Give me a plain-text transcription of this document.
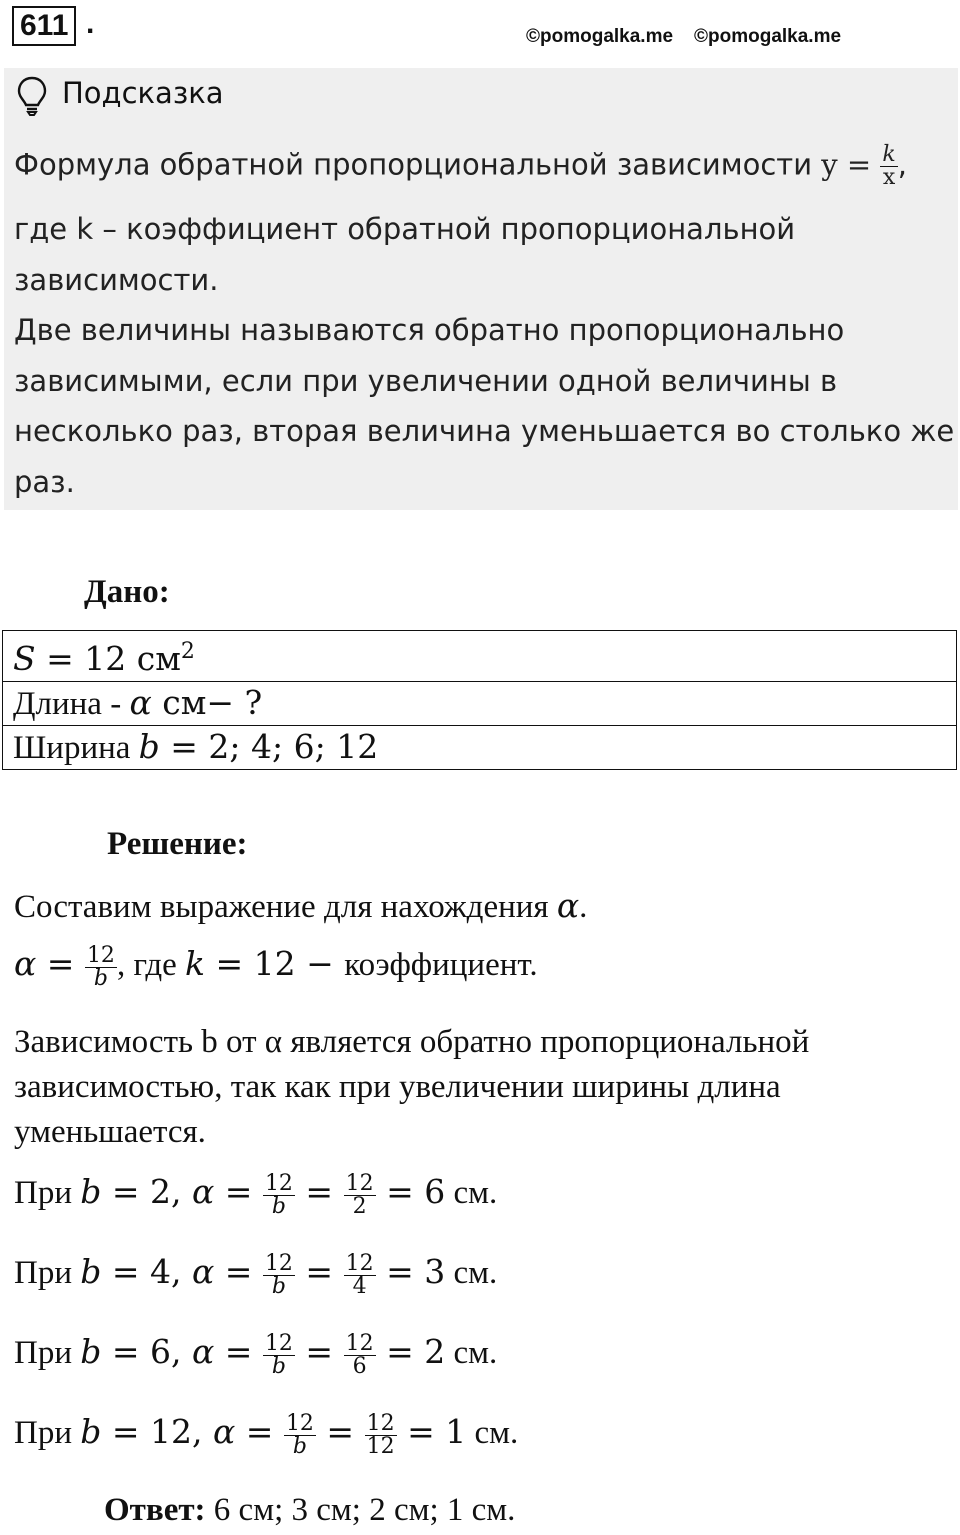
611 .	©pomogalka.me ©pomogalka.me
Подсказка
Формула обратной пропорциональной зависимости $y = \frac{k}{x}$ ,
где k – коэффициент обратной пропорциональной
зависимости.
Две величины называются обратно пропорционально
зависимыми, если при увеличении одной величины в
несколько раз, вторая величина уменьшается во столько же
раз.
Дано:
S = 12 $см^2$
Длина - α см− ?
Ширина b = 2; 4; 6; 12
Решение:
Составим выражение для нахождения α.
$\alpha = \frac{12}{b}$ , где k = 12 − коэффициент.
Зависимость b от α является обратно пропорциональной
зависимостью, так как при увеличении ширины длина
уменьшается.
При b = 2, $\alpha = \frac{12}{b} = \frac{12}{2} = 6$ см.
При b = 4, $\alpha = \frac{12}{b} = \frac{12}{4} = 3$ см.
При b = 6, $\alpha = \frac{12}{b} = \frac{12}{6} = 2$ см.
При b = 12, $\alpha = \frac{12}{b} = \frac{12}{12} = 1$ см.
Ответ: 6 см; 3 см; 2 см; 1 см.
